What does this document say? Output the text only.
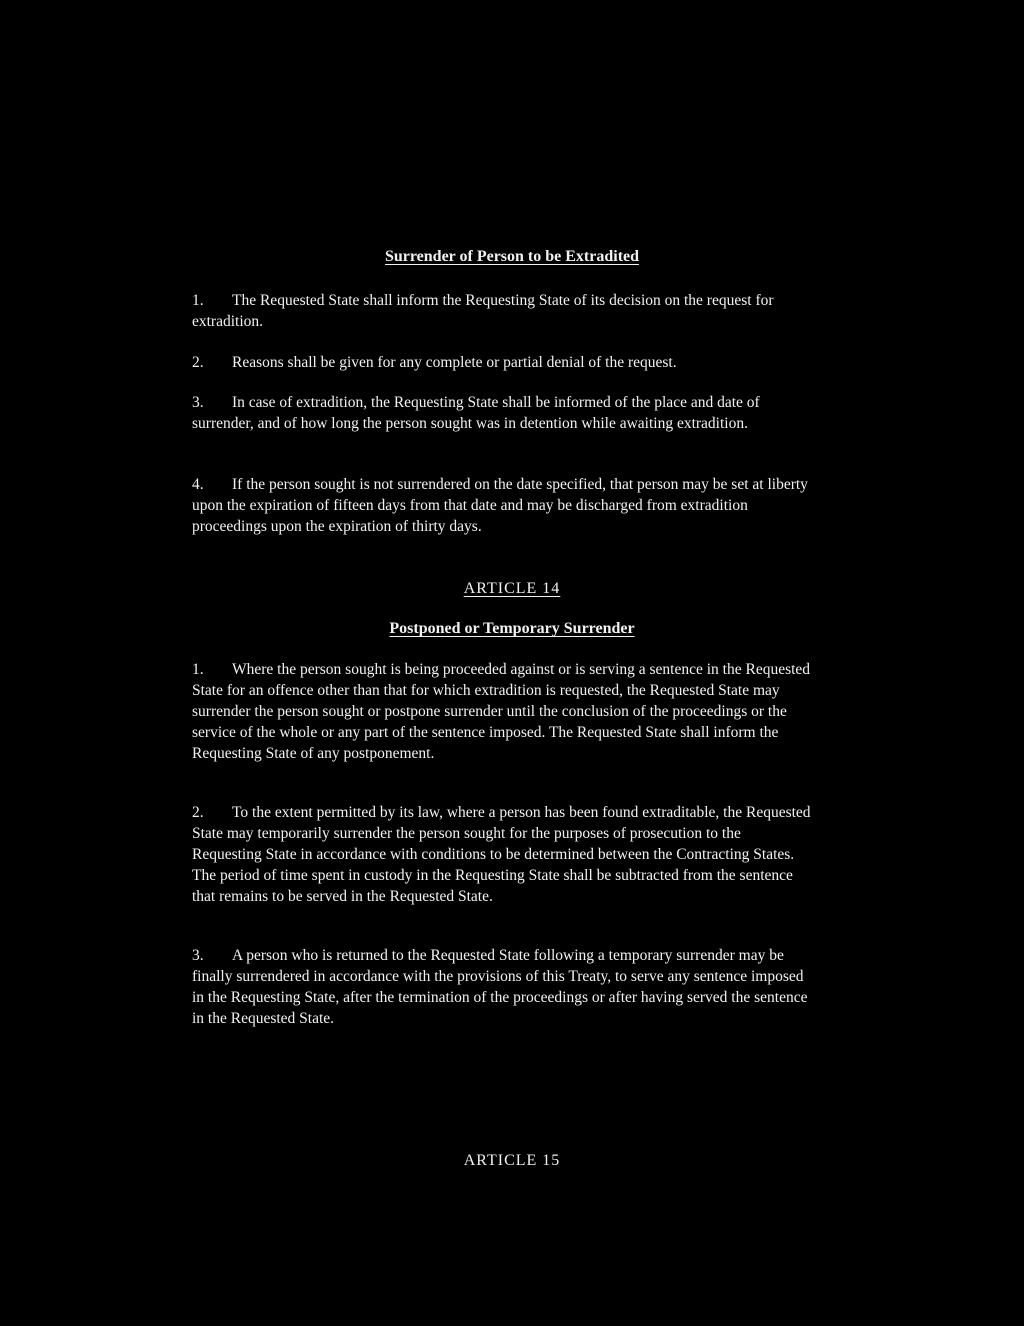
Surrender of Person to be Extradited

1. The Requested State shall inform the Requesting State of its decision on the request for extradition.

2. Reasons shall be given for any complete or partial denial of the request.

3. In case of extradition, the Requesting State shall be informed of the place and date of surrender, and of how long the person sought was in detention while awaiting extradition.

4. If the person sought is not surrendered on the date specified, that person may be set at liberty upon the expiration of fifteen days from that date and may be discharged from extradition proceedings upon the expiration of thirty days.

ARTICLE 14
Postponed or Temporary Surrender

1. Where the person sought is being proceeded against or is serving a sentence in the Requested State for an offence other than that for which extradition is requested, the Requested State may surrender the person sought or postpone surrender until the conclusion of the proceedings or the service of the whole or any part of the sentence imposed. The Requested State shall inform the Requesting State of any postponement.

2. To the extent permitted by its law, where a person has been found extraditable, the Requested State may temporarily surrender the person sought for the purposes of prosecution to the Requesting State in accordance with conditions to be determined between the Contracting States. The period of time spent in custody in the Requesting State shall be subtracted from the sentence that remains to be served in the Requested State.

3. A person who is returned to the Requested State following a temporary surrender may be finally surrendered in accordance with the provisions of this Treaty, to serve any sentence imposed in the Requesting State, after the termination of the proceedings or after having served the sentence in the Requested State.

ARTICLE 15
